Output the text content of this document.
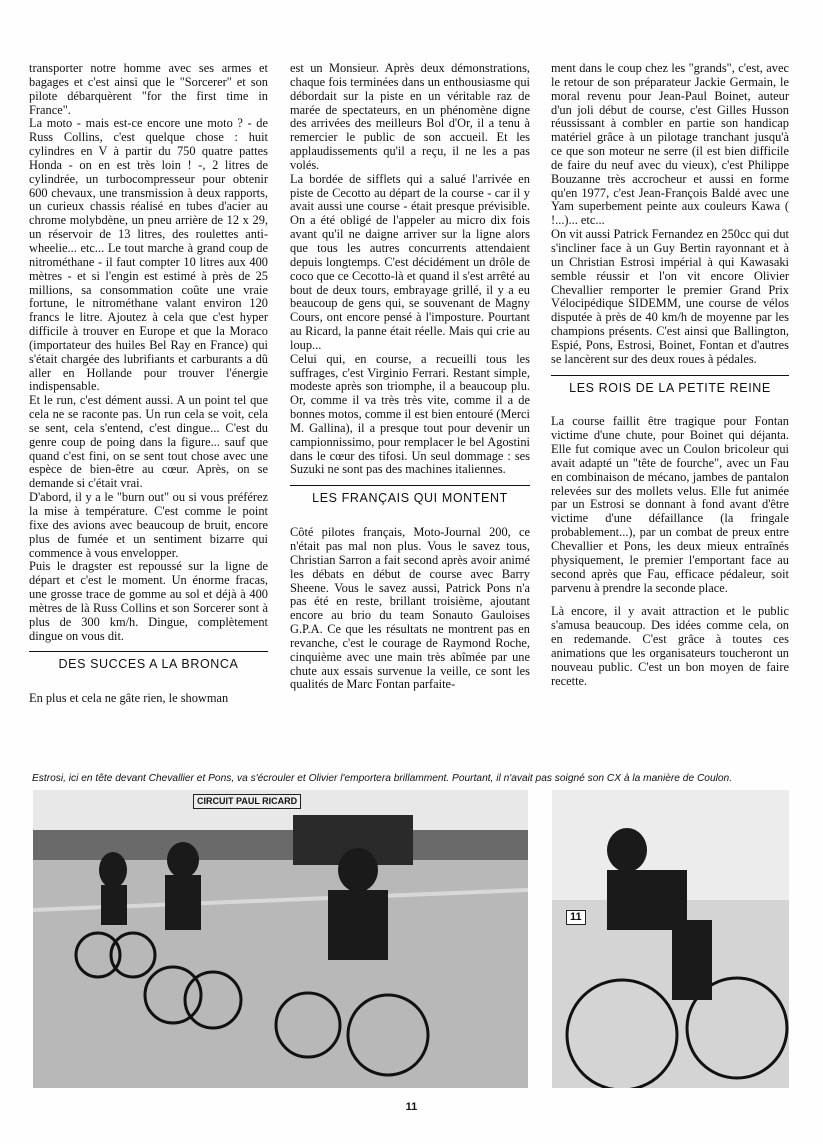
transporter notre homme avec ses armes et bagages et c'est ainsi que le "Sorcerer" et son pilote débarquèrent "for the first time in France".

La moto - mais est-ce encore une moto ? - de Russ Collins, c'est quelque chose : huit cylindres en V à partir du 750 quatre pattes Honda - on en est très loin ! -, 2 litres de cylindrée, un turbocompresseur pour obtenir 600 chevaux, une transmission à deux rapports, un curieux chassis réalisé en tubes d'acier au chrome molybdène, un pneu arrière de 12 x 29, un réservoir de 13 litres, des roulettes anti-wheelie... etc... Le tout marche à grand coup de nitrométhane - il faut compter 10 litres aux 400 mètres - et si l'engin est estimé à près de 25 millions, sa consommation coûte une vraie fortune, le nitrométhane valant environ 120 francs le litre. Ajoutez à cela que c'est hyper difficile à trouver en Europe et que la Moraco (importateur des huiles Bel Ray en France) qui s'était chargée des lubrifiants et carburants a dû aller en Hollande pour trouver l'énergie indispensable.

Et le run, c'est dément aussi. A un point tel que cela ne se raconte pas. Un run cela se voit, cela se sent, cela s'entend, c'est dingue... C'est du genre coup de poing dans la figure... sauf que quand c'est fini, on se sent tout chose avec une espèce de bien-être au cœur. Après, on se demande si c'était vrai.

D'abord, il y a le "burn out" ou si vous préférez la mise à température. C'est comme le point fixe des avions avec beaucoup de bruit, encore plus de fumée et un sentiment bizarre qui commence à vous envelopper.

Puis le dragster est repoussé sur la ligne de départ et c'est le moment. Un énorme fracas, une grosse trace de gomme au sol et déjà à 400 mètres de là Russ Collins et son Sorcerer sont à plus de 300 km/h. Dingue, complètement dingue on vous dit.

DES SUCCES A LA BRONCA

En plus et cela ne gâte rien, le showman

est un Monsieur. Après deux démonstrations, chaque fois terminées dans un enthousiasme qui débordait sur la piste en un véritable raz de marée de spectateurs, en un phénomène digne des arrivées des meilleurs Bol d'Or, il a tenu à remercier le public de son accueil. Et les applaudissements qu'il a reçu, il ne les a pas volés.

La bordée de sifflets qui a salué l'arrivée en piste de Cecotto au départ de la course - car il y avait aussi une course - était presque prévisible. On a été obligé de l'appeler au micro dix fois avant qu'il ne daigne arriver sur la ligne alors que tous les autres concurrents attendaient depuis longtemps. C'est décidément un drôle de coco que ce Cecotto-là et quand il s'est arrêté au bout de deux tours, embrayage grillé, il y a eu beaucoup de gens qui, se souvenant de Magny Cours, ont encore pensé à l'imposture. Pourtant au Ricard, la panne était réelle. Mais qui crie au loup...

Celui qui, en course, a recueilli tous les suffrages, c'est Virginio Ferrari. Restant simple, modeste après son triomphe, il a beaucoup plu. Or, comme il va très très vite, comme il a de bonnes motos, comme il est bien entouré (Merci M. Gallina), il a presque tout pour devenir un campionnissimo, pour remplacer le bel Agostini dans le cœur des tifosi. Un seul dommage : ses Suzuki ne sont pas des machines italiennes.

LES FRANÇAIS QUI MONTENT

Côté pilotes français, Moto-Journal 200, ce n'était pas mal non plus. Vous le savez tous, Christian Sarron a fait second après avoir animé les débats en début de course avec Barry Sheene. Vous le savez aussi, Patrick Pons n'a pas été en reste, brillant troisième, ajoutant encore au brio du team Sonauto Gauloises G.P.A. Ce que les résultats ne montrent pas en revanche, c'est le courage de Raymond Roche, cinquième avec une main très abîmée par une chute aux essais survenue la veille, ce sont les qualités de Marc Fontan parfaite-

ment dans le coup chez les "grands", c'est, avec le retour de son préparateur Jackie Germain, le moral revenu pour Jean-Paul Boinet, auteur d'un joli début de course, c'est Gilles Husson réussissant à combler en partie son handicap matériel grâce à un pilotage tranchant jusqu'à ce que son moteur ne serre (il est bien difficile de faire du neuf avec du vieux), c'est Philippe Bouzanne très accrocheur et aussi en forme qu'en 1977, c'est Jean-François Baldé avec une Yam superbement peinte aux couleurs Kawa ( !...)... etc...

On vit aussi Patrick Fernandez en 250cc qui dut s'incliner face à un Guy Bertin rayonnant et à un Christian Estrosi impérial à qui Kawasaki semble réussir et l'on vit encore Olivier Chevallier remporter le premier Grand Prix Vélocipédique SIDEMM, une course de vélos disputée à près de 40 km/h de moyenne par les champions présents. C'est ainsi que Ballington, Espié, Pons, Estrosi, Boinet, Fontan et d'autres se lancèrent sur des deux roues à pédales.

LES ROIS DE LA PETITE REINE

La course faillit être tragique pour Fontan victime d'une chute, pour Boinet qui déjanta. Elle fut comique avec un Coulon bricoleur qui avait adapté un "tête de fourche", avec un Fau en combinaison de mécano, jambes de pantalon relevées sur des mollets velus. Elle fut animée par un Estrosi se donnant à fond avant d'être victime d'une défaillance (la fringale probablement...), par un combat de preux entre Chevallier et Pons, les deux mieux entraînés physiquement, le premier l'emportant face au second après que Fau, efficace pédaleur, soit parvenu à prendre la seconde place.

Là encore, il y avait attraction et le public s'amusa beaucoup. Des idées comme cela, on en redemande. C'est grâce à toutes ces animations que les organisateurs toucheront un nouveau public. C'est un bon moyen de faire recette.

Estrosi, ici en tête devant Chevallier et Pons, va s'écrouler et Olivier l'emportera brillamment. Pourtant, il n'avait pas soigné son CX à la manière de Coulon.
CIRCUIT PAUL RICARD
11
11
